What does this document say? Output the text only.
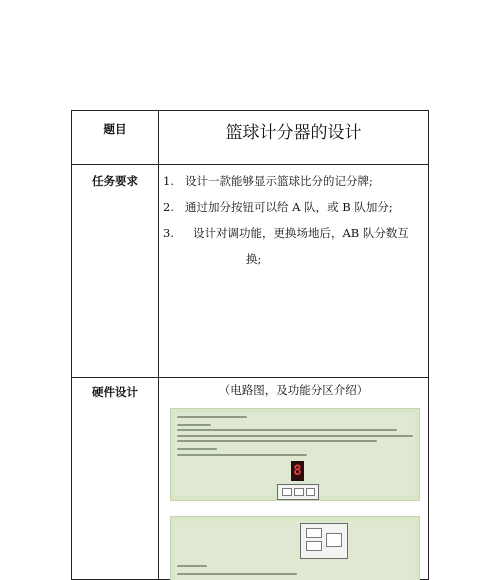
题目	篮球计分器的设计
任务要求	1. 设计一款能够显示篮球比分的记分牌;
2. 通过加分按钮可以给 A 队，或 B 队加分;
3. 设计对调功能，更换场地后，AB 队分数互
换;
硬件设计	（电路图，及功能分区介绍）
8
